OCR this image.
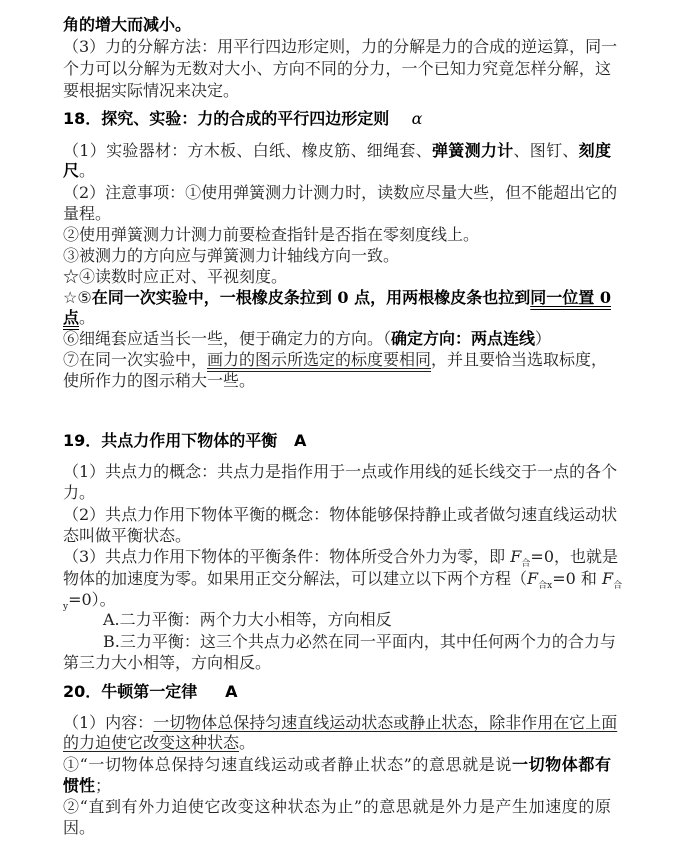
角的增大而减小。
（3）力的分解方法：用平行四边形定则，力的分解是力的合成的逆运算，同一
个力可以分解为无数对大小、方向不同的分力，一个已知力究竟怎样分解，这
要根据实际情况来决定。
18．探究、实验：力的合成的平行四边形定则 α
（1）实验器材：方木板、白纸、橡皮筋、细绳套、弹簧测力计、图钉、刻度
尺。
（2）注意事项：①使用弹簧测力计测力时，读数应尽量大些，但不能超出它的
量程。
②使用弹簧测力计测力前要检查指针是否指在零刻度线上。
③被测力的方向应与弹簧测力计轴线方向一致。
☆④读数时应正对、平视刻度。
☆⑤在同一次实验中，一根橡皮条拉到 0 点，用两根橡皮条也拉到同一位置 0
点。
⑥细绳套应适当长一些，便于确定力的方向。（确定方向：两点连线）
⑦在同一次实验中，画力的图示所选定的标度要相同，并且要恰当选取标度，
使所作力的图示稍大一些。
19．共点力作用下物体的平衡 A
（1）共点力的概念：共点力是指作用于一点或作用线的延长线交于一点的各个
力。
（2）共点力作用下物体平衡的概念：物体能够保持静止或者做匀速直线运动状
态叫做平衡状态。
（3）共点力作用下物体的平衡条件：物体所受合外力为零，即 $F_合=0$，也就是
物体的加速度为零。如果用正交分解法，可以建立以下两个方程（$F_{合x}=0$ 和 $F_合$
$_y$=0）。
A.二力平衡：两个力大小相等，方向相反
B.三力平衡：这三个共点力必然在同一平面内，其中任何两个力的合力与
第三力大小相等，方向相反。
20．牛顿第一定律 A
（1）内容：一切物体总保持匀速直线运动状态或静止状态，除非作用在它上面
的力迫使它改变这种状态。
①“一切物体总保持匀速直线运动或者静止状态”的意思就是说一切物体都有
惯性；
②“直到有外力迫使它改变这种状态为止”的意思就是外力是产生加速度的原
因。
